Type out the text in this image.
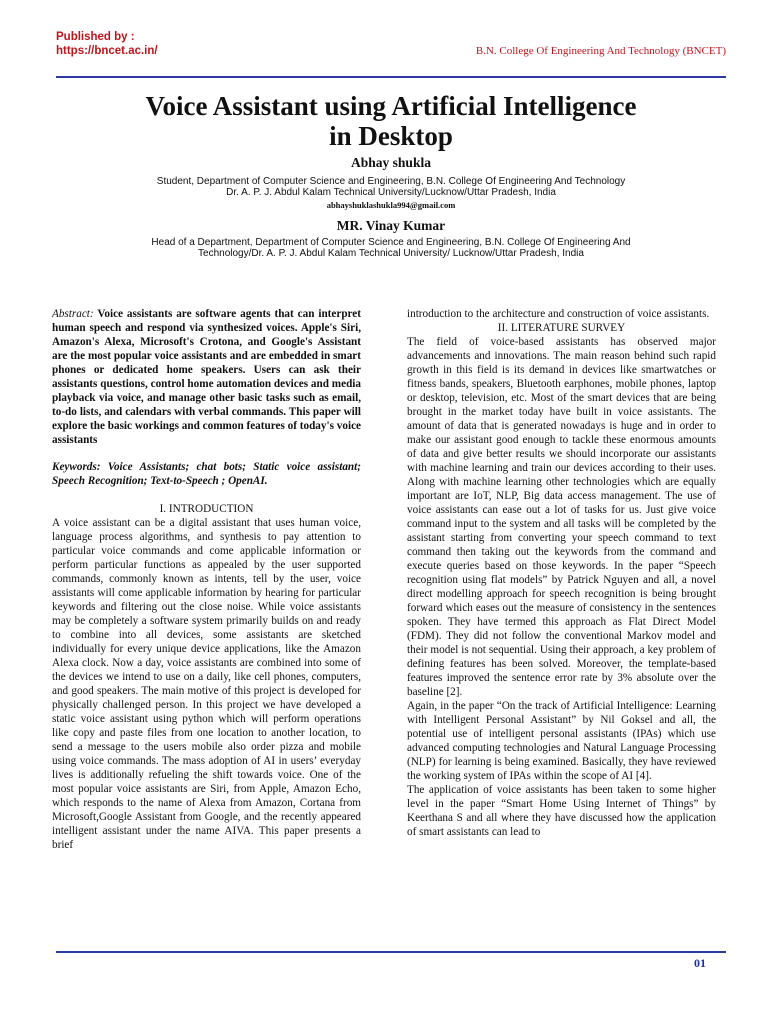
Published by :
https://bncet.ac.in/	B.N. College Of Engineering And Technology (BNCET)
Voice Assistant using Artificial Intelligence
in Desktop
Abhay shukla
Student, Department of Computer Science and Engineering, B.N. College Of Engineering And Technology
Dr. A. P. J. Abdul Kalam Technical University/Lucknow/Uttar Pradesh, India
abhayshuklashukla994@gmail.com
MR. Vinay Kumar
Head of a Department, Department of Computer Science and Engineering, B.N. College Of Engineering And
Technology/Dr. A. P. J. Abdul Kalam Technical University/ Lucknow/Uttar Pradesh, India

Abstract: Voice assistants are software agents that can interpret human speech and respond via synthesized voices. Apple's Siri, Amazon's Alexa, Microsoft's Crotona, and Google's Assistant are the most popular voice assistants and are embedded in smart phones or dedicated home speakers. Users can ask their assistants questions, control home automation devices and media playback via voice, and manage other basic tasks such as email, to-do lists, and calendars with verbal commands. This paper will explore the basic workings and common features of today's voice assistants

Keywords: Voice Assistants; chat bots; Static voice assistant; Speech Recognition; Text-to-Speech ; OpenAI.

I. INTRODUCTION

A voice assistant can be a digital assistant that uses human voice, language process algorithms, and synthesis to pay attention to particular voice commands and come applicable information or perform particular functions as appealed by the user supported commands, commonly known as intents, tell by the user, voice assistants will come applicable information by hearing for particular keywords and filtering out the close noise. While voice assistants may be completely a software system primarily builds on and ready to combine into all devices, some assistants are sketched individually for every unique device applications, like the Amazon Alexa clock. Now a day, voice assistants are combined into some of the devices we intend to use on a daily, like cell phones, computers, and good speakers. The main motive of this project is developed for physically challenged person. In this project we have developed a static voice assistant using python which will perform operations like copy and paste files from one location to another location, to send a message to the users mobile also order pizza and mobile using voice commands. The mass adoption of AI in users’ everyday lives is additionally refueling the shift towards voice. One of the most popular voice assistants are Siri, from Apple, Amazon Echo, which responds to the name of Alexa from Amazon, Cortana from Microsoft,Google Assistant from Google, and the recently appeared intelligent assistant under the name AIVA. This paper presents a brief

introduction to the architecture and construction of voice assistants.

II. LITERATURE SURVEY

The field of voice-based assistants has observed major advancements and innovations. The main reason behind such rapid growth in this field is its demand in devices like smartwatches or fitness bands, speakers, Bluetooth earphones, mobile phones, laptop or desktop, television, etc. Most of the smart devices that are being brought in the market today have built in voice assistants. The amount of data that is generated nowadays is huge and in order to make our assistant good enough to tackle these enormous amounts of data and give better results we should incorporate our assistants with machine learning and train our devices according to their uses. Along with machine learning other technologies which are equally important are IoT, NLP, Big data access management. The use of voice assistants can ease out a lot of tasks for us. Just give voice command input to the system and all tasks will be completed by the assistant starting from converting your speech command to text command then taking out the keywords from the command and execute queries based on those keywords. In the paper “Speech recognition using flat models” by Patrick Nguyen and all, a novel direct modelling approach for speech recognition is being brought forward which eases out the measure of consistency in the sentences spoken. They have termed this approach as Flat Direct Model (FDM). They did not follow the conventional Markov model and their model is not sequential. Using their approach, a key problem of defining features has been solved. Moreover, the template-based features improved the sentence error rate by 3% absolute over the baseline [2].

Again, in the paper “On the track of Artificial Intelligence: Learning with Intelligent Personal Assistant” by Nil Goksel and all, the potential use of intelligent personal assistants (IPAs) which use advanced computing technologies and Natural Language Processing (NLP) for learning is being examined. Basically, they have reviewed the working system of IPAs within the scope of AI [4].

The application of voice assistants has been taken to some higher level in the paper “Smart Home Using Internet of Things” by Keerthana S and all where they have discussed how the application of smart assistants can lead to

01
